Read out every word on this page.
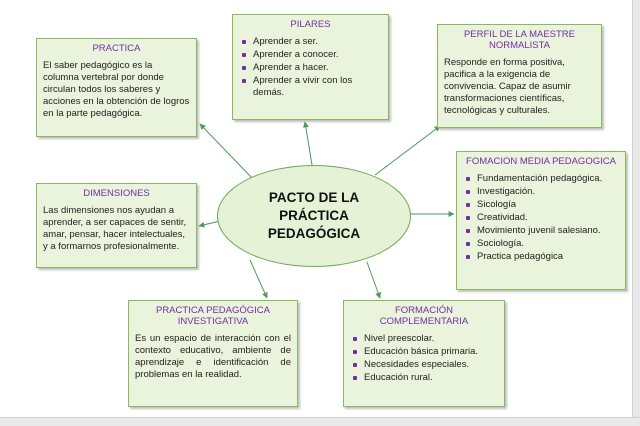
PACTO DE LA
PRÁCTICA
PEDAGÓGICA
PRACTICA

El saber pedagógico es la columna vertebral por donde circulan todos los saberes y acciones en la obtención de logros en la parte pedagógica.

PILARES
Aprender a ser.
Aprender a conocer.
Aprender a hacer.
Aprender a vivir con los demás.
PERFIL DE LA MAESTRE
NORMALISTA

Responde en forma positiva, pacifica a la exigencia de convivencia. Capaz de asumir transformaciones científicas, tecnológicas y culturales.

DIMENSIONES

Las dimensiones nos ayudan a aprender, a ser capaces de sentir, amar, pensar, hacer intelectuales, y a formarnos profesionalmente.

FOMACION MEDIA PEDAGOGICA
Fundamentación pedagógica.
Investigación.
Sicología
Creatividad.
Movimiento juvenil salesiano.
Sociología.
Practica pedagógica
PRACTICA PEDAGÓGICA
INVESTIGATIVA

Es un espacio de interacción con el contexto educativo, ambiente de aprendizaje e identificación de problemas en la realidad.

FORMACIÓN
COMPLEMENTARIA
Nivel preescolar.
Educación básica primaria.
Necesidades especiales.
Educación rural.
